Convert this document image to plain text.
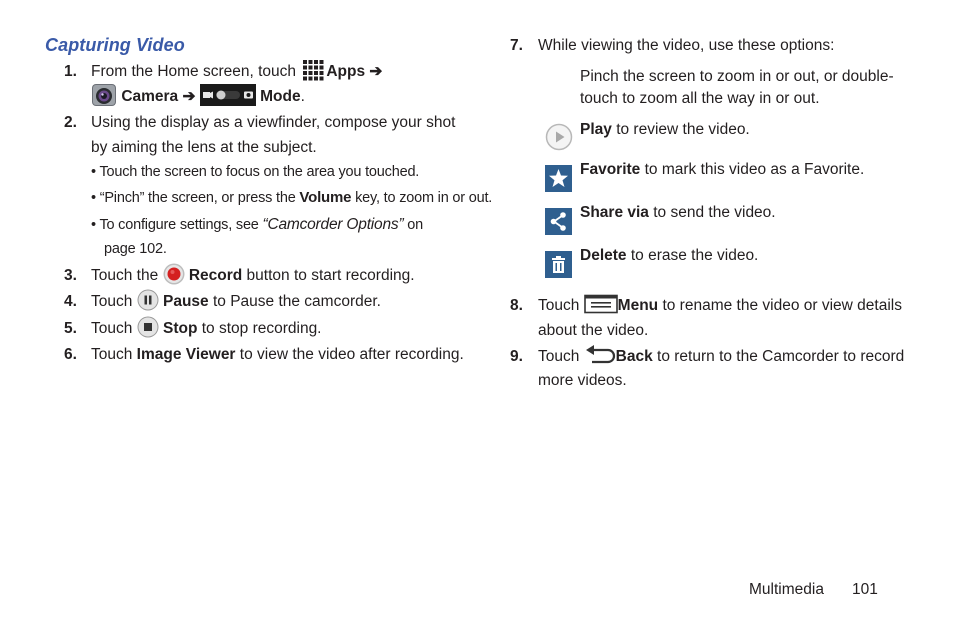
Capturing Video
1. From the Home screen, touch
Apps ➔
Camera ➔	Mode.
2. Using the display as a viewfinder, compose your shot
by aiming the lens at the subject.
• Touch the screen to focus on the area you touched.
• “Pinch” the screen, or press the Volume key, to zoom in or out.
• To configure settings, see “Camcorder Options” on
page 102.
3. Touch the
Record button to start recording.
4. Touch
Pause to Pause the camcorder.
5. Touch
Stop to stop recording.
6. Touch Image Viewer to view the video after recording.
7. While viewing the video, use these options:
Pinch the screen to zoom in or out, or double-
touch to zoom all the way in or out.
Play to review the video.
Favorite to mark this video as a Favorite.
Share via to send the video.
Delete to erase the video.
8. Touch
Menu to rename the video or view details
about the video.
9. Touch
Back to return to the Camcorder to record
more videos.
Multimedia 101
